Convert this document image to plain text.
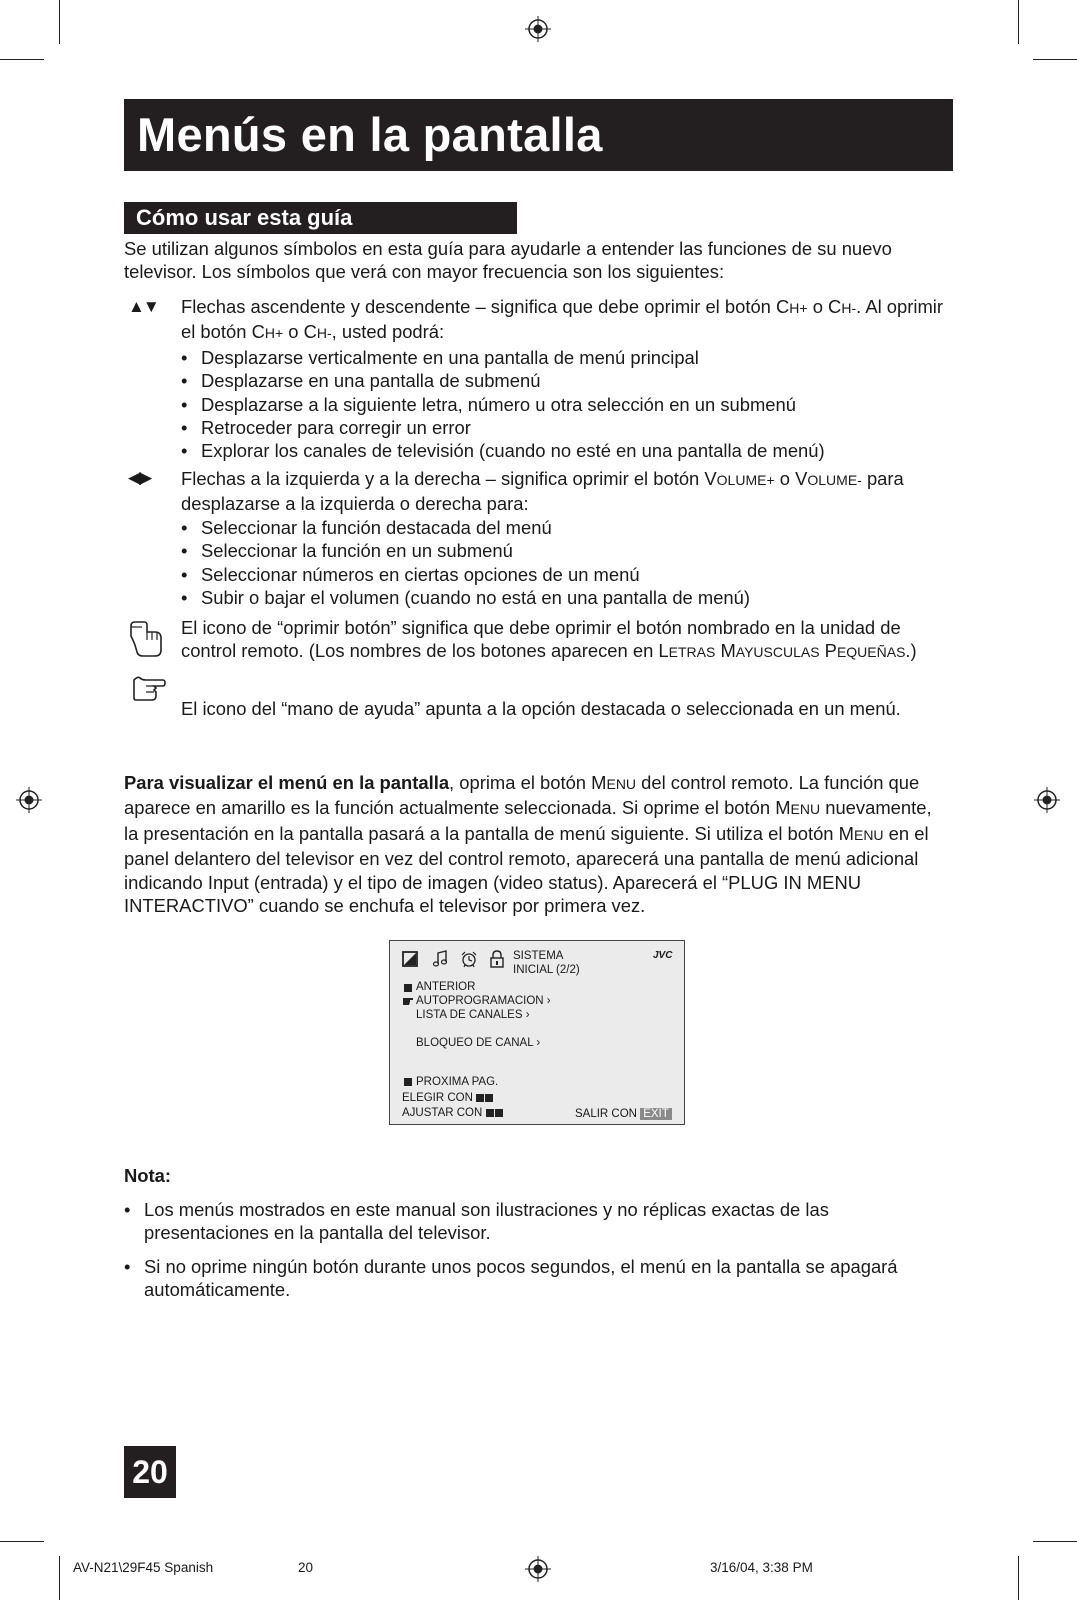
Menús en la pantalla
Cómo usar esta guía
Se utilizan algunos símbolos en esta guía para ayudarle a entender las funciones de su nuevo televisor. Los símbolos que verá con mayor frecuencia son los siguientes:
▲▼ Flechas ascendente y descendente – significa que debe oprimir el botón CH+ o CH-. Al oprimir el botón CH+ o CH-, usted podrá:
• Desplazarse verticalmente en una pantalla de menú principal
• Desplazarse en una pantalla de submenú
• Desplazarse a la siguiente letra, número u otra selección en un submenú
• Retroceder para corregir un error
• Explorar los canales de televisión (cuando no esté en una pantalla de menú)
◀▶ Flechas a la izquierda y a la derecha – significa oprimir el botón VOLUME+ o VOLUME- para desplazarse a la izquierda o derecha para:
• Seleccionar la función destacada del menú
• Seleccionar la función en un submenú
• Seleccionar números en ciertas opciones de un menú
• Subir o bajar el volumen (cuando no está en una pantalla de menú)
El icono de “oprimir botón” significa que debe oprimir el botón nombrado en la unidad de control remoto. (Los nombres de los botones aparecen en LETRAS MAYUSCULAS PEQUEÑAS.)
El icono del “mano de ayuda” apunta a la opción destacada o seleccionada en un menú.
Para visualizar el menú en la pantalla, oprima el botón MENU del control remoto. La función que aparece en amarillo es la función actualmente seleccionada. Si oprime el botón MENU nuevamente, la presentación en la pantalla pasará a la pantalla de menú siguiente. Si utiliza el botón MENU en el panel delantero del televisor en vez del control remoto, aparecerá una pantalla de menú adicional indicando Input (entrada) y el tipo de imagen (video status). Aparecerá el “PLUG IN MENU INTERACTIVO” cuando se enchufa el televisor por primera vez.
SISTEMA
INICIAL (2/2)
JVC
ANTERIOR
AUTOPROGRAMACION ›
LISTA DE CANALES ›
BLOQUEO DE CANAL ›
PROXIMA PAG.
ELEGIR CON
AJUSTAR CON	SALIR CON EXIT
Nota:
• Los menús mostrados en este manual son ilustraciones y no réplicas exactas de las presentaciones en la pantalla del televisor.
• Si no oprime ningún botón durante unos pocos segundos, el menú en la pantalla se apagará automáticamente.
20
AV-N21\29F45 Spanish	20	3/16/04, 3:38 PM
